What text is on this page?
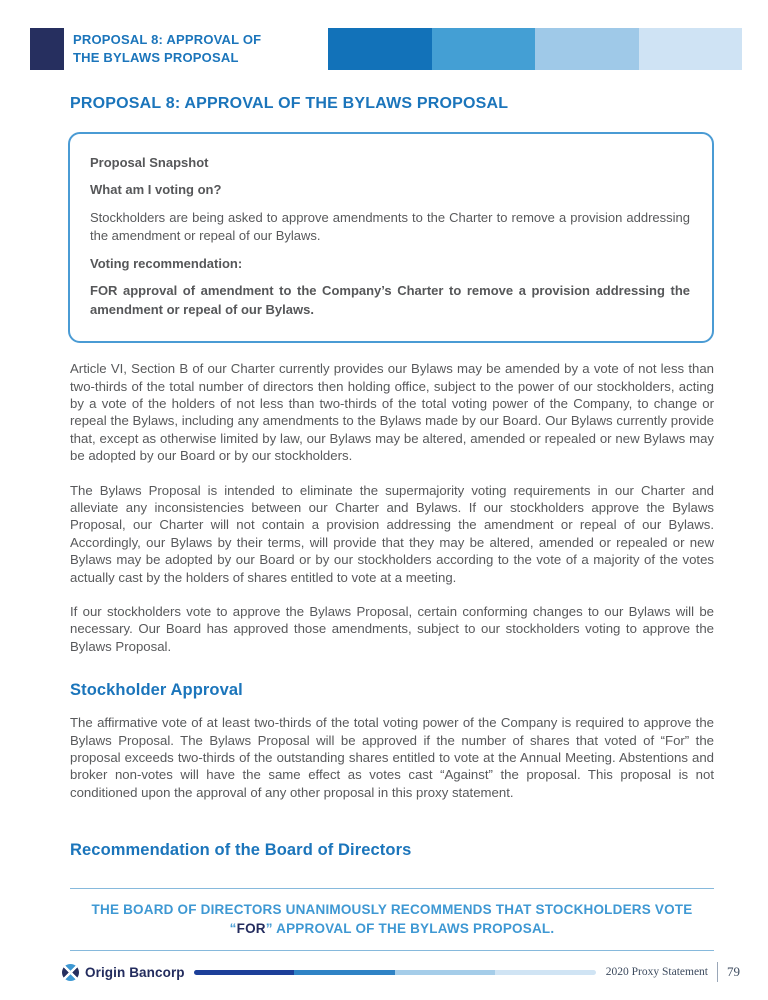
PROPOSAL 8: APPROVAL OF
THE BYLAWS PROPOSAL
PROPOSAL 8: APPROVAL OF THE BYLAWS PROPOSAL

Proposal Snapshot

What am I voting on?

Stockholders are being asked to approve amendments to the Charter to remove a provision addressing the amendment or repeal of our Bylaws.

Voting recommendation:

FOR approval of amendment to the Company’s Charter to remove a provision addressing the amendment or repeal of our Bylaws.

Article VI, Section B of our Charter currently provides our Bylaws may be amended by a vote of not less than two-thirds of the total number of directors then holding office, subject to the power of our stockholders, acting by a vote of the holders of not less than two-thirds of the total voting power of the Company, to change or repeal the Bylaws, including any amendments to the Bylaws made by our Board. Our Bylaws currently provide that, except as otherwise limited by law, our Bylaws may be altered, amended or repealed or new Bylaws may be adopted by our Board or by our stockholders.

The Bylaws Proposal is intended to eliminate the supermajority voting requirements in our Charter and alleviate any inconsistencies between our Charter and Bylaws. If our stockholders approve the Bylaws Proposal, our Charter will not contain a provision addressing the amendment or repeal of our Bylaws. Accordingly, our Bylaws by their terms, will provide that they may be altered, amended or repealed or new Bylaws may be adopted by our Board or by our stockholders according to the vote of a majority of the votes actually cast by the holders of shares entitled to vote at a meeting.

If our stockholders vote to approve the Bylaws Proposal, certain conforming changes to our Bylaws will be necessary. Our Board has approved those amendments, subject to our stockholders voting to approve the Bylaws Proposal.

Stockholder Approval

The affirmative vote of at least two-thirds of the total voting power of the Company is required to approve the Bylaws Proposal. The Bylaws Proposal will be approved if the number of shares that voted of “For” the proposal exceeds two-thirds of the outstanding shares entitled to vote at the Annual Meeting. Abstentions and broker non-votes will have the same effect as votes cast “Against” the proposal. This proposal is not conditioned upon the approval of any other proposal in this proxy statement.

Recommendation of the Board of Directors
THE BOARD OF DIRECTORS UNANIMOUSLY RECOMMENDS THAT STOCKHOLDERS VOTE “FOR” APPROVAL OF THE BYLAWS PROPOSAL.
Origin Bancorp	2020 Proxy Statement 79
